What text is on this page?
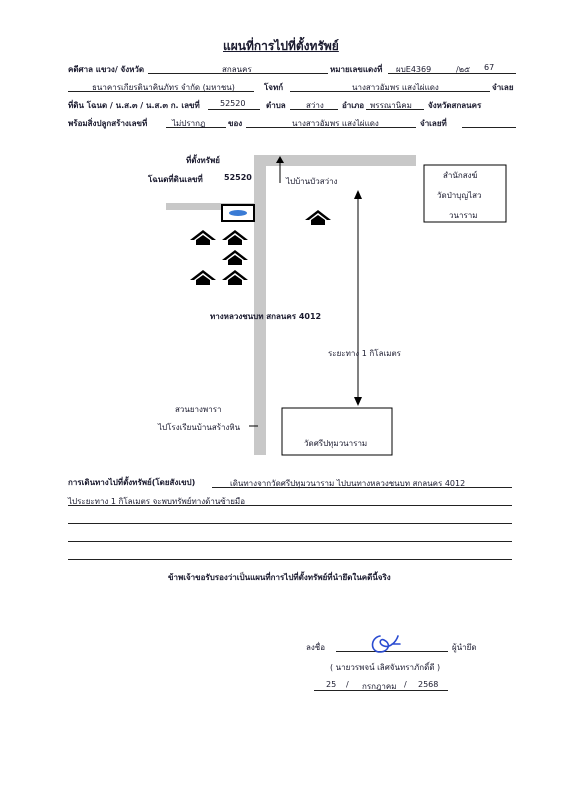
แผนที่การไปที่ตั้งทรัพย์
คดีศาล แขวง/ จังหวัด	สกลนคร	หมายเลขแดงที่ ผบE4369	/๒๕ 67
ธนาคารเกียรตินาคินภัทร จำกัด (มหาชน)	โจทก์	นางสาวอัมพร แสงไผ่แดง	จำเลย
ที่ดิน โฉนด / น.ส.๓ / น.ส.๓ ก. เลขที่	52520	ตำบล	สว่าง อำเภอ พรรณานิคม จังหวัดสกลนคร
พร้อมสิ่งปลูกสร้างเลขที่	ไม่ปรากฏ	ของ	นางสาวอัมพร แสงไผ่แดง	จำเลยที่
ที่ตั้งทรัพย์
โฉนดที่ดินเลขที่	52520	ไปบ้านบัวสว่าง
สำนักสงฆ์
วัดป่าบุญไสว
วนาราม
ทางหลวงชนบท สกลนคร 4012
ระยะทาง 1 กิโลเมตร
สวนยางพารา
ไปโรงเรียนบ้านสร้างหิน
วัดศรีปทุมวนาราม
การเดินทางไปที่ตั้งทรัพย์(โดยสังเขป)	เดินทางจากวัดศรีปทุมวนาราม ไปบนทางหลวงชนบท สกลนคร 4012
ไประยะทาง 1 กิโลเมตร จะพบทรัพย์ทางด้านซ้ายมือ
ข้าพเจ้าขอรับรองว่าเป็นแผนที่การไปที่ตั้งทรัพย์ที่นำยึดในคดีนี้จริง
ลงชื่อ	ผู้นำยึด
( นายวรพจน์ เลิศจันทราภักดิ์ดี )
25 / กรกฎาคม / 2568
